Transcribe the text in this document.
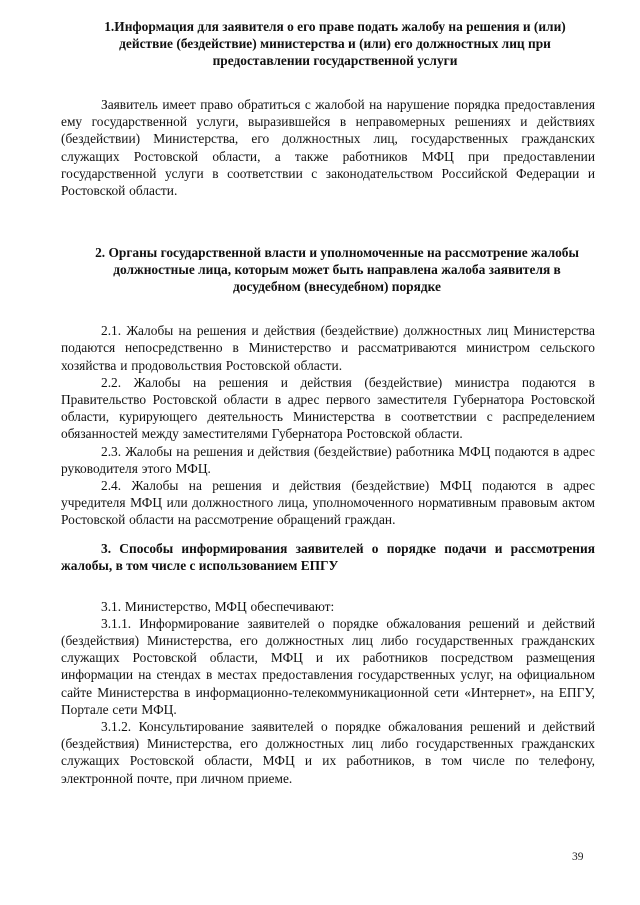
1.Информация для заявителя о его праве подать жалобу на решения и (или) действие (бездействие) министерства и (или) его должностных лиц при предоставлении государственной услуги

Заявитель имеет право обратиться с жалобой на нарушение порядка предоставления ему государственной услуги, выразившейся в неправомерных решениях и действиях (бездействии) Министерства, его должностных лиц, государственных гражданских служащих Ростовской области, а также работников МФЦ при предоставлении государственной услуги в соответствии с законодательством Российской Федерации и Ростовской области.

2. Органы государственной власти и уполномоченные на рассмотрение жалобы должностные лица, которым может быть направлена жалоба заявителя в досудебном (внесудебном) порядке

2.1. Жалобы на решения и действия (бездействие) должностных лиц Министерства подаются непосредственно в Министерство и рассматриваются министром сельского хозяйства и продовольствия Ростовской области.

2.2. Жалобы на решения и действия (бездействие) министра подаются в Правительство Ростовской области в адрес первого заместителя Губернатора Ростовской области, курирующего деятельность Министерства в соответствии с распределением обязанностей между заместителями Губернатора Ростовской области.

2.3. Жалобы на решения и действия (бездействие) работника МФЦ подаются в адрес руководителя этого МФЦ.

2.4. Жалобы на решения и действия (бездействие) МФЦ подаются в адрес учредителя МФЦ или должностного лица, уполномоченного нормативным правовым актом Ростовской области на рассмотрение обращений граждан.

3. Способы информирования заявителей о порядке подачи и рассмотрения жалобы, в том числе с использованием ЕПГУ

3.1. Министерство, МФЦ обеспечивают:

3.1.1. Информирование заявителей о порядке обжалования решений и действий (бездействия) Министерства, его должностных лиц либо государственных гражданских служащих Ростовской области, МФЦ и их работников посредством размещения информации на стендах в местах предоставления государственных услуг, на официальном сайте Министерства в информационно-телекоммуникационной сети «Интернет», на ЕПГУ, Портале сети МФЦ.

3.1.2. Консультирование заявителей о порядке обжалования решений и действий (бездействия) Министерства, его должностных лиц либо государственных гражданских служащих Ростовской области, МФЦ и их работников, в том числе по телефону, электронной почте, при личном приеме.

39
